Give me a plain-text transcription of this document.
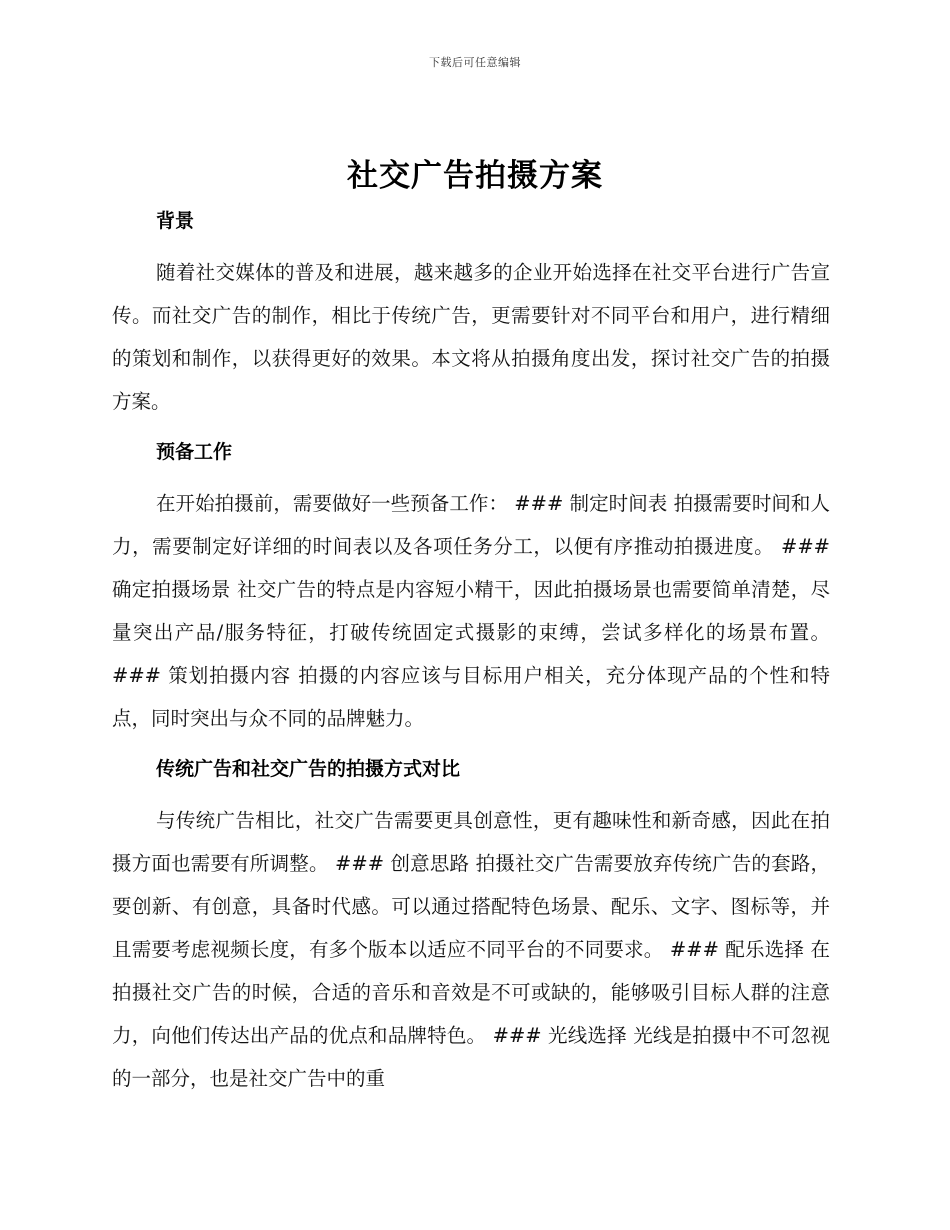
下载后可任意编辑
社交广告拍摄方案
背景

随着社交媒体的普及和进展，越来越多的企业开始选择在社交平台进行广告宣传。而社交广告的制作，相比于传统广告，更需要针对不同平台和用户，进行精细的策划和制作，以获得更好的效果。本文将从拍摄角度出发，探讨社交广告的拍摄方案。

预备工作

在开始拍摄前，需要做好一些预备工作： ### 制定时间表 拍摄需要时间和人力，需要制定好详细的时间表以及各项任务分工，以便有序推动拍摄进度。 ### 确定拍摄场景 社交广告的特点是内容短小精干，因此拍摄场景也需要简单清楚，尽量突出产品/服务特征，打破传统固定式摄影的束缚，尝试多样化的场景布置。 ### 策划拍摄内容 拍摄的内容应该与目标用户相关，充分体现产品的个性和特点，同时突出与众不同的品牌魅力。

传统广告和社交广告的拍摄方式对比

与传统广告相比，社交广告需要更具创意性，更有趣味性和新奇感，因此在拍摄方面也需要有所调整。 ### 创意思路 拍摄社交广告需要放弃传统广告的套路，要创新、有创意，具备时代感。可以通过搭配特色场景、配乐、文字、图标等，并且需要考虑视频长度，有多个版本以适应不同平台的不同要求。 ### 配乐选择 在拍摄社交广告的时候，合适的音乐和音效是不可或缺的，能够吸引目标人群的注意力，向他们传达出产品的优点和品牌特色。 ### 光线选择 光线是拍摄中不可忽视的一部分，也是社交广告中的重
